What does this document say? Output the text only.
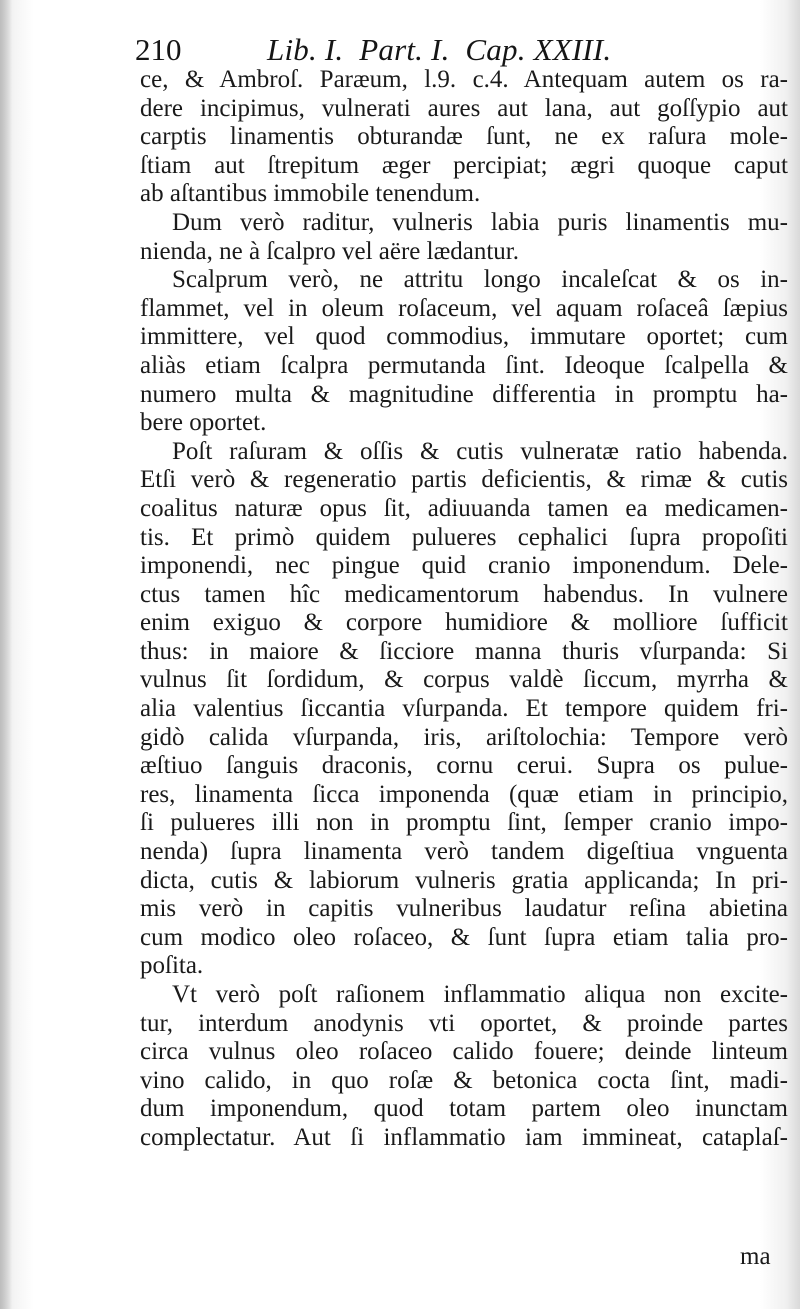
210	Lib. I.  Part. I.  Cap. XXIII.
ce, & Ambroſ. Paræum, l.9. c.4. Antequam autem os ra-
dere incipimus, vulnerati aures aut lana, aut goſſypio aut
carptis linamentis obturandæ ſunt, ne ex raſura mole-
ſtiam aut ſtrepitum æger percipiat; ægri quoque caput
ab aſtantibus immobile tenendum.
Dum verò raditur, vulneris labia puris linamentis mu-
nienda, ne à ſcalpro vel aëre lædantur.
Scalprum verò, ne attritu longo incaleſcat & os in-
flammet, vel in oleum roſaceum, vel aquam roſaceâ ſæpius
immittere, vel quod commodius, immutare oportet; cum
aliàs etiam ſcalpra permutanda ſint. Ideoque ſcalpella &
numero multa & magnitudine differentia in promptu ha-
bere oportet.
Poſt raſuram & oſſis & cutis vulneratæ ratio habenda.
Etſi verò & regeneratio partis deficientis, & rimæ & cutis
coalitus naturæ opus ſit, adiuuanda tamen ea medicamen-
tis. Et primò quidem pulueres cephalici ſupra propoſiti
imponendi, nec pingue quid cranio imponendum. Dele-
ctus tamen hîc medicamentorum habendus. In vulnere
enim exiguo & corpore humidiore & molliore ſufficit
thus: in maiore & ſicciore manna thuris vſurpanda: Si
vulnus ſit ſordidum, & corpus valdè ſiccum, myrrha &
alia valentius ſiccantia vſurpanda. Et tempore quidem fri-
gidò calida vſurpanda, iris, ariſtolochia: Tempore verò
æſtiuo ſanguis draconis, cornu cerui. Supra os pulue-
res, linamenta ſicca imponenda (quæ etiam in principio,
ſi pulueres illi non in promptu ſint, ſemper cranio impo-
nenda) ſupra linamenta verò tandem digeſtiua vnguenta
dicta, cutis & labiorum vulneris gratia applicanda; In pri-
mis verò in capitis vulneribus laudatur reſina abietina
cum modico oleo roſaceo, & ſunt ſupra etiam talia pro-
poſita.
Vt verò poſt raſionem inflammatio aliqua non excite-
tur, interdum anodynis vti oportet, & proinde partes
circa vulnus oleo roſaceo calido fouere; deinde linteum
vino calido, in quo roſæ & betonica cocta ſint, madi-
dum imponendum, quod totam partem oleo inunctam
complectatur. Aut ſi inflammatio iam immineat, cataplaſ-
ma
